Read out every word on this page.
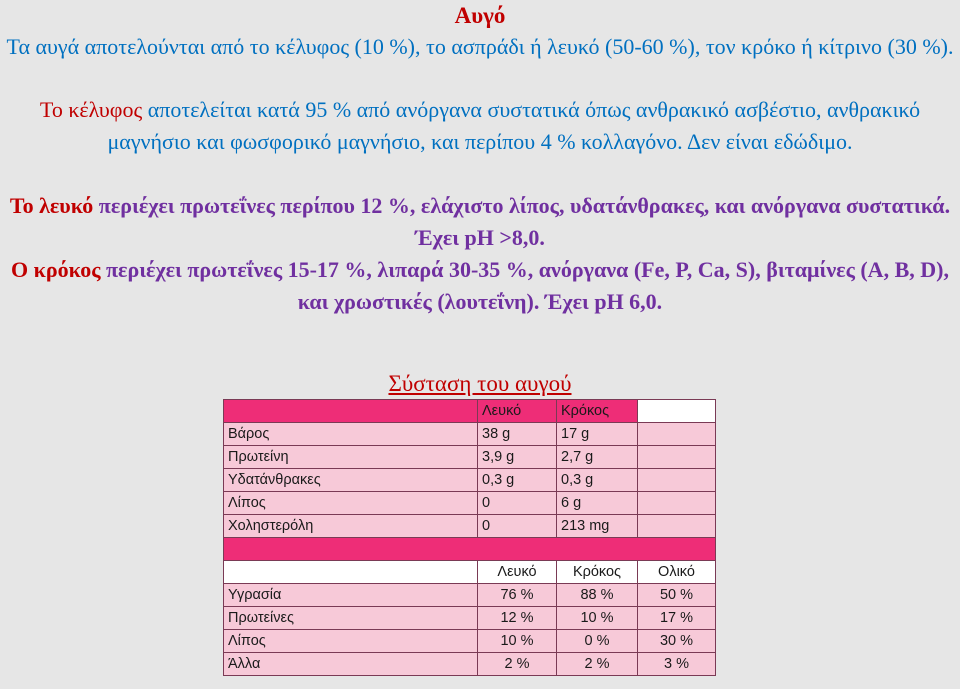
Αυγό
Τα αυγά αποτελούνται από το κέλυφος (10 %), το ασπράδι ή λευκό (50-60 %), τον κρόκο ή κίτρινο (30 %).
Το κέλυφος αποτελείται κατά 95 % από ανόργανα συστατικά όπως ανθρακικό ασβέστιο, ανθρακικό μαγνήσιο και φωσφορικό μαγνήσιο, και περίπου 4 % κολλαγόνο. Δεν είναι εδώδιμο.
Το λευκό περιέχει πρωτεΐνες περίπου 12 %, ελάχιστο λίπος, υδατάνθρακες, και ανόργανα συστατικά. Έχει pH >8,0.
Ο κρόκος περιέχει πρωτεΐνες 15-17 %, λιπαρά 30-35 %, ανόργανα (Fe, P, Ca, S), βιταμίνες (A, B, D), και χρωστικές (λουτεΐνη). Έχει pH 6,0.
Σύσταση του αυγού
	Λευκό	Κρόκος	
Βάρος	38 g	17 g	
Πρωτείνη	3,9 g	2,7 g	
Υδατάνθρακες	0,3 g	0,3 g	
Λίπος	0	6 g	
Χοληστερόλη	0	213 mg	

	Λευκό	Κρόκος	Ολικό
Υγρασία	76 %	88 %	50 %
Πρωτείνες	12 %	10 %	17 %
Λίπος	10 %	0 %	30 %
Άλλα	2 %	2 %	3 %
